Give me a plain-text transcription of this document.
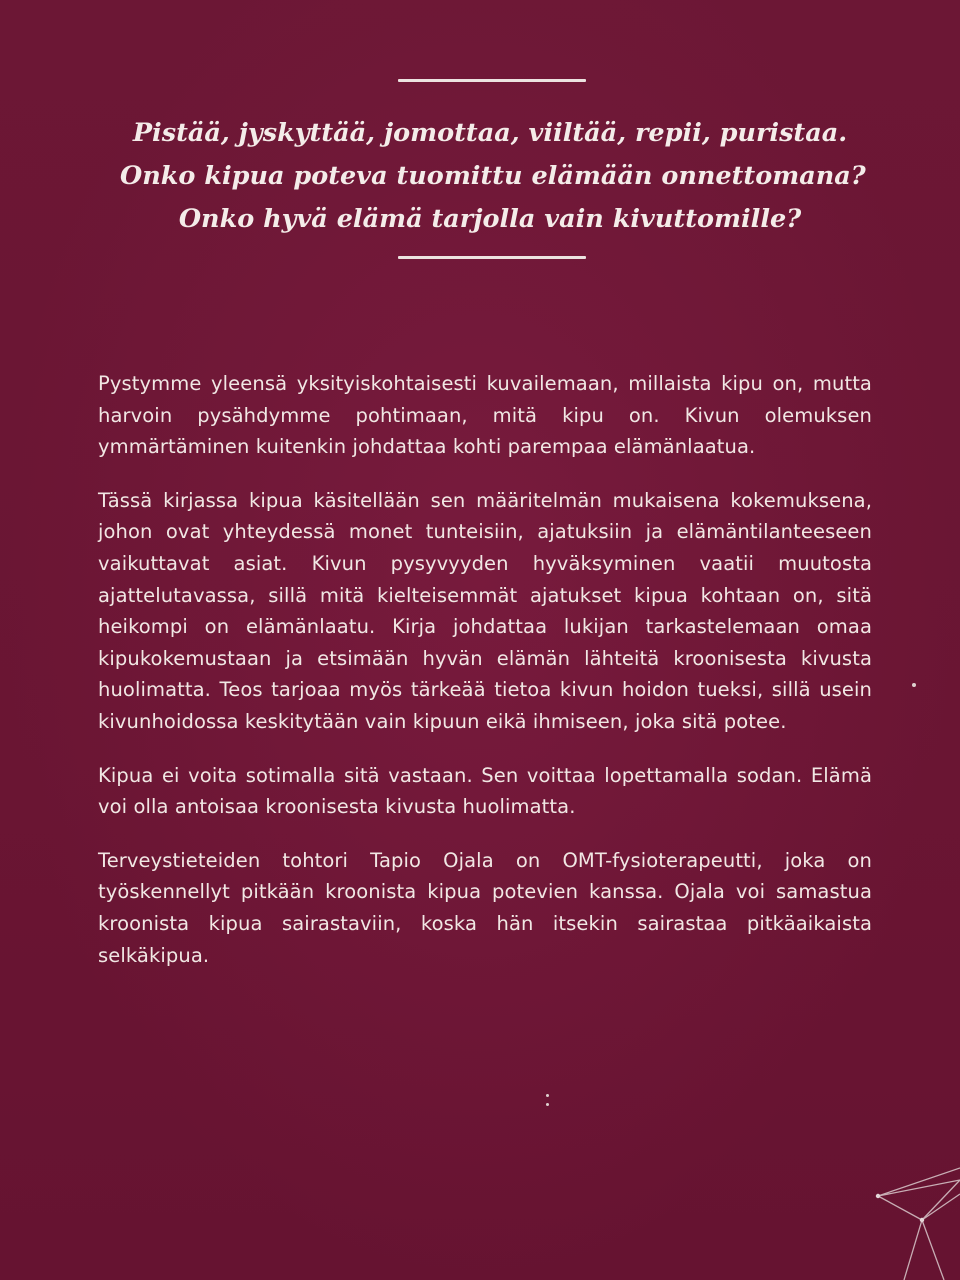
Pistää, jyskyttää, jomottaa, viiltää, repii, puristaa.
Onko kipua poteva tuomittu elämään onnettomana?
Onko hyvä elämä tarjolla vain kivuttomille?

Pystymme yleensä yksityiskohtaisesti kuvailemaan, millaista kipu on, mutta harvoin pysähdymme pohtimaan, mitä kipu on. Kivun olemuksen ymmärtäminen kuitenkin johdattaa kohti parempaa elämänlaatua.

Tässä kirjassa kipua käsitellään sen määritelmän mukaisena kokemuksena, johon ovat yhteydessä monet tunteisiin, ajatuksiin ja elämäntilanteeseen vaikuttavat asiat. Kivun pysyvyyden hyväksyminen vaatii muutosta ajattelutavassa, sillä mitä kielteisemmät ajatukset kipua kohtaan on, sitä heikompi on elämänlaatu. Kirja johdattaa lukijan tarkastelemaan omaa kipukokemustaan ja etsimään hyvän elämän lähteitä kroonisesta kivusta huolimatta. Teos tarjoaa myös tärkeää tietoa kivun hoidon tueksi, sillä usein kivunhoidossa keskitytään vain kipuun eikä ihmiseen, joka sitä potee.

Kipua ei voita sotimalla sitä vastaan. Sen voittaa lopettamalla sodan. Elämä voi olla antoisaa kroonisesta kivusta huolimatta.

Terveystieteiden tohtori Tapio Ojala on OMT-fysioterapeutti, joka on työskennellyt pitkään kroonista kipua potevien kanssa. Ojala voi samastua kroonista kipua sairastaviin, koska hän itsekin sairastaa pitkäaikaista selkäkipua.
